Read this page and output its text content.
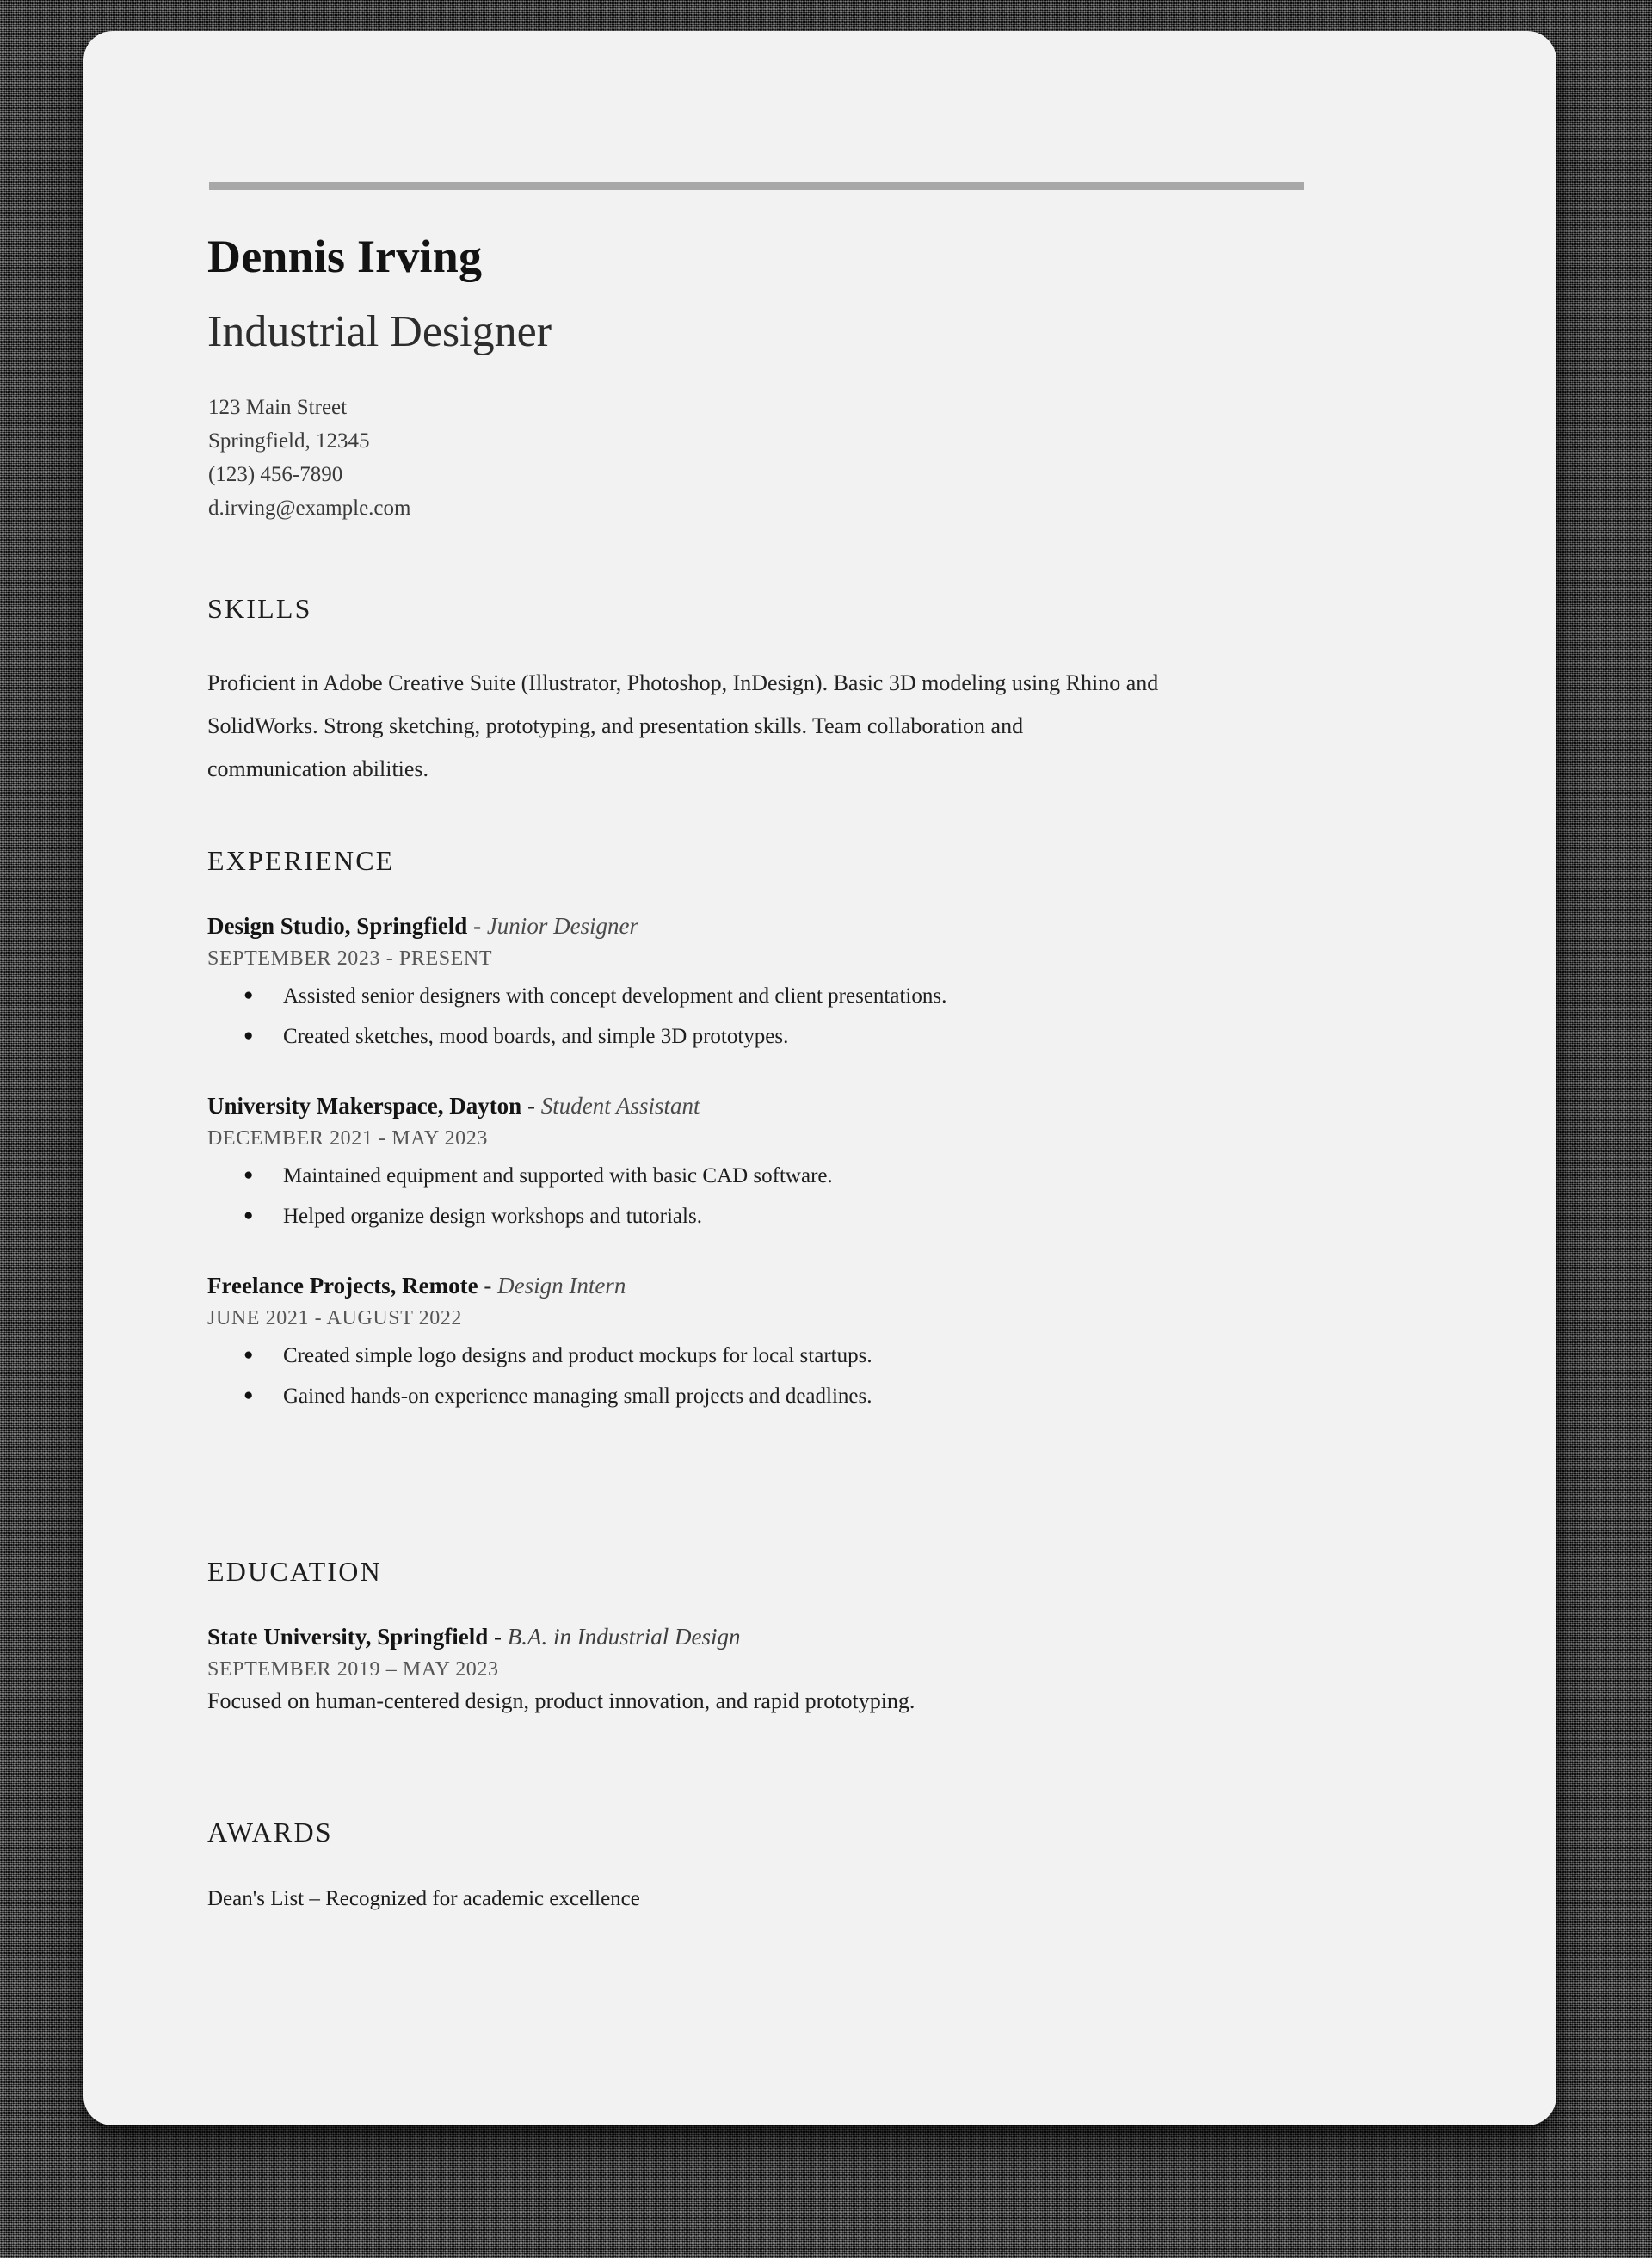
Dennis Irving
Industrial Designer
123 Main Street
Springfield, 12345
(123) 456-7890
d.irving@example.com

SKILLS

Proficient in Adobe Creative Suite (Illustrator, Photoshop, InDesign). Basic 3D modeling using Rhino and SolidWorks. Strong sketching, prototyping, and presentation skills. Team collaboration and communication abilities.

EXPERIENCE

Design Studio, Springfield - Junior Designer

SEPTEMBER 2023 - PRESENT

● Assisted senior designers with concept development and client presentations.
● Created sketches, mood boards, and simple 3D prototypes.

University Makerspace, Dayton - Student Assistant

DECEMBER 2021 - MAY 2023

● Maintained equipment and supported with basic CAD software.
● Helped organize design workshops and tutorials.

Freelance Projects, Remote - Design Intern

JUNE 2021 - AUGUST 2022

● Created simple logo designs and product mockups for local startups.
● Gained hands-on experience managing small projects and deadlines.

EDUCATION

State University, Springfield - B.A. in Industrial Design

SEPTEMBER 2019 – MAY 2023

Focused on human-centered design, product innovation, and rapid prototyping.

AWARDS

Dean's List – Recognized for academic excellence
